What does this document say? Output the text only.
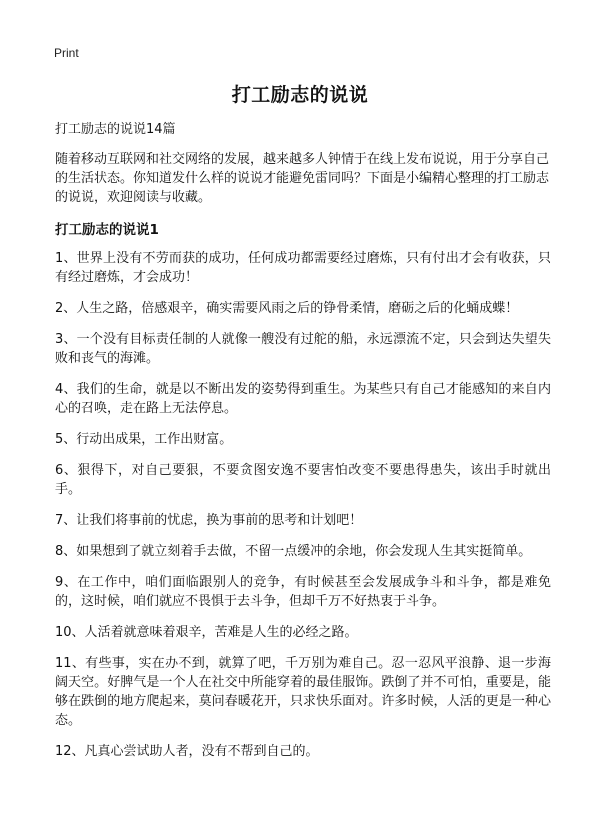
Print
打工励志的说说

打工励志的说说14篇

随着移动互联网和社交网络的发展，越来越多人钟情于在线上发布说说，用于分享自己的生活状态。你知道发什么样的说说才能避免雷同吗？下面是小编精心整理的打工励志的说说，欢迎阅读与收藏。

打工励志的说说1
1、世界上没有不劳而获的成功，任何成功都需要经过磨炼，只有付出才会有收获，只有经过磨炼，才会成功！
2、人生之路，倍感艰辛，确实需要风雨之后的铮骨柔情，磨砺之后的化蛹成蝶！
3、一个没有目标责任制的人就像一艘没有过舵的船，永远漂流不定，只会到达失望失败和丧气的海滩。
4、我们的生命，就是以不断出发的姿势得到重生。为某些只有自己才能感知的来自内心的召唤，走在路上无法停息。
5、行动出成果，工作出财富。
6、狠得下，对自己要狠，不要贪图安逸不要害怕改变不要患得患失，该出手时就出手。
7、让我们将事前的忧虑，换为事前的思考和计划吧！
8、如果想到了就立刻着手去做，不留一点缓冲的余地，你会发现人生其实挺简单。
9、在工作中，咱们面临跟别人的竞争，有时候甚至会发展成争斗和斗争，都是难免的，这时候，咱们就应不畏惧于去斗争，但却千万不好热衷于斗争。
10、人活着就意味着艰辛，苦难是人生的必经之路。
11、有些事，实在办不到，就算了吧，千万别为难自己。忍一忍风平浪静、退一步海阔天空。好脾气是一个人在社交中所能穿着的最佳服饰。跌倒了并不可怕，重要是，能够在跌倒的地方爬起来，莫问春暖花开，只求快乐面对。许多时候，人活的更是一种心态。
12、凡真心尝试助人者，没有不帮到自己的。
